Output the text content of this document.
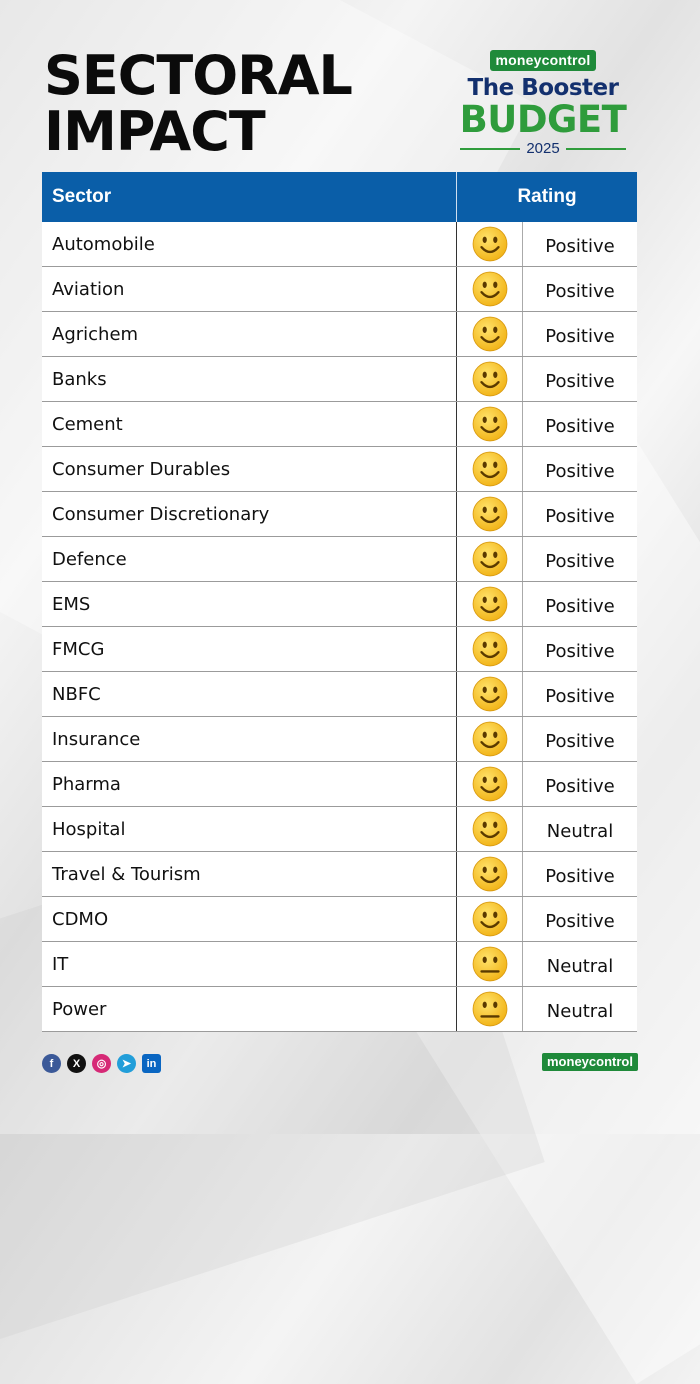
SECTORAL
IMPACT
moneycontrol
The Booster
BUDGET
2025
Sector	Rating
Automobile	Positive
Aviation	Positive
Agrichem	Positive
Banks	Positive
Cement	Positive
Consumer Durables	Positive
Consumer Discretionary	Positive
Defence	Positive
EMS	Positive
FMCG	Positive
NBFC	Positive
Insurance	Positive
Pharma	Positive
Hospital	Neutral
Travel & Tourism	Positive
CDMO	Positive
IT	Neutral
Power	Neutral
f	X	◎	➤	in	moneycontrol
